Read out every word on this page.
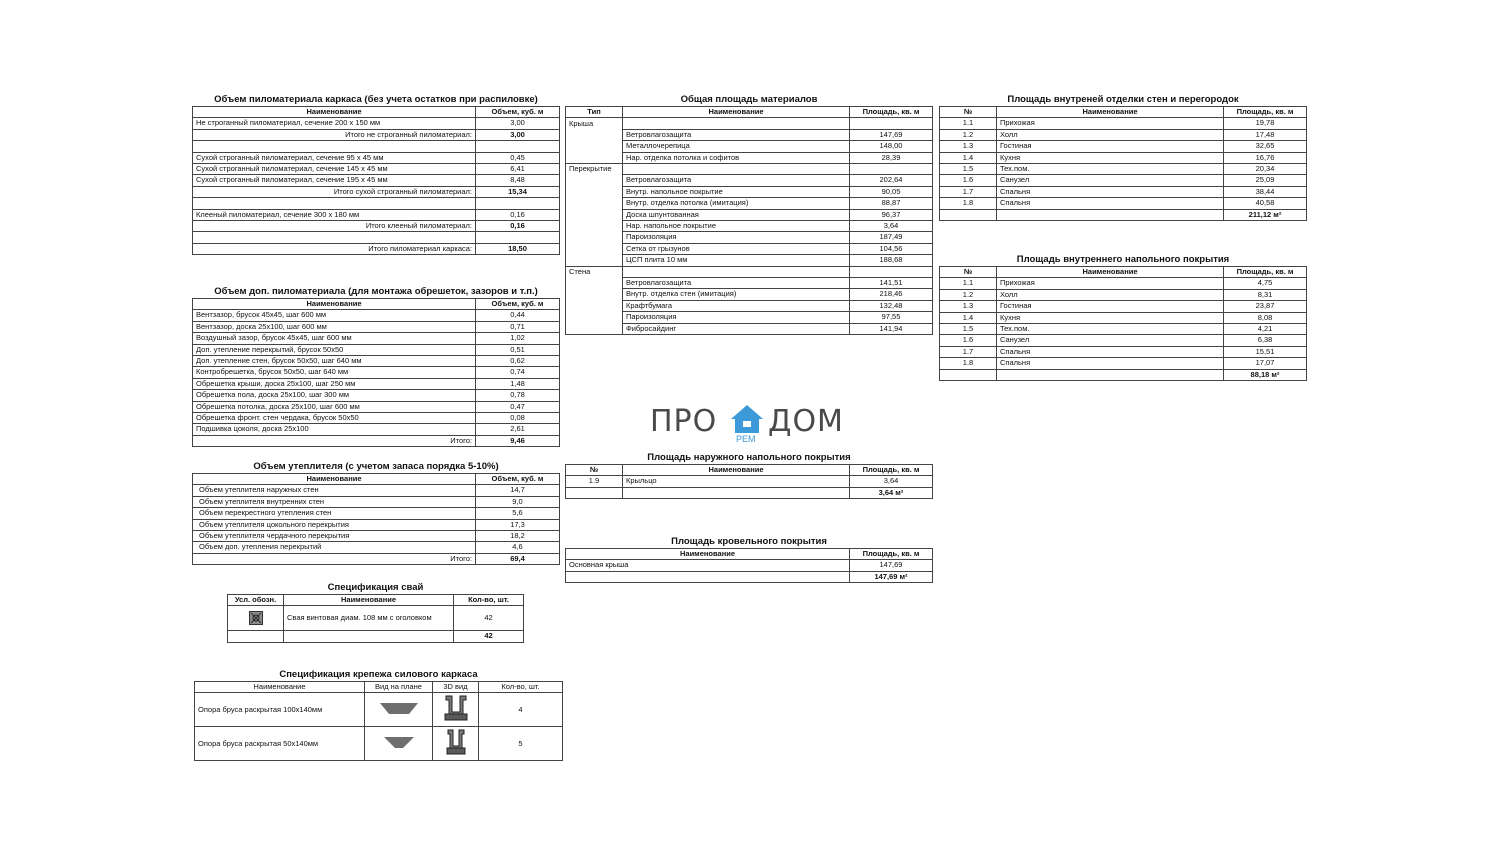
Объем пиломатериала каркаса (без учета остатков при распиловке)
Наименование	Объем, куб. м
Не строганный пиломатериал, сечение 200 х 150 мм	3,00
Итого не строганный пиломатериал:	3,00

Сухой строганный пиломатериал, сечение 95 х 45 мм	0,45
Сухой строганный пиломатериал, сечение 145 х 45 мм	6,41
Сухой строганный пиломатериал, сечение 195 х 45 мм	8,48
Итого сухой строганный пиломатериал:	15,34

Клееный пиломатериал, сечение 300 х 180 мм	0,16
Итого клееный пиломатериал:	0,16

Итого пиломатериал каркаса:	18,50
Объем доп. пиломатериала (для монтажа обрешеток, зазоров и т.п.)
Наименование	Объем, куб. м
Вентзазор, брусок 45х45, шаг 600 мм	0,44
Вентзазор, доска 25х100, шаг 600 мм	0,71
Воздушный зазор, брусок 45х45, шаг 600 мм	1,02
Доп. утепление перекрытий, брусок 50х50	0,51
Доп. утепление стен, брусок 50х50, шаг 640 мм	0,62
Контробрешетка, брусок 50х50, шаг 640 мм	0,74
Обрешетка крыши, доска 25х100, шаг 250 мм	1,48
Обрешетка пола, доска 25х100, шаг 300 мм	0,78
Обрешетка потолка, доска 25х100, шаг 600 мм	0,47
Обрешетка фронт. стен чердака, брусок 50х50	0,08
Подшивка цоколя, доска 25х100	2,61
Итого:	9,46
Объем утеплителя (с учетом запаса порядка 5-10%)
Наименование	Объем, куб. м
Объем утеплителя наружных стен	14,7
Объем утеплителя внутренних стен	9,0
Объем перекрестного утепления стен	5,6
Объем утеплителя цокольного перекрытия	17,3
Объем утеплителя чердачного перекрытия	18,2
Объем доп. утепления перекрытий	4,6
Итого:	69,4
Спецификация свай
Усл. обозн.	Наименование	Кол-во, шт.
	Свая винтовая диам. 108 мм с оголовком	42
		42
Спецификация крепежа силового каркаса
Наименование	Вид на плане	3D вид	Кол-во, шт.
Опора бруса раскрытая 100х140мм			4
Опора бруса раскрытая 50х140мм			5
Общая площадь материалов
Тип	Наименование	Площадь, кв. м
Крыша		
	Ветровлагозащита	147,69
	Металлочерепица	148,00
	Нар. отделка потолка и софитов	28,39
Перекрытие		
	Ветровлагозащита	202,64
	Внутр. напольное покрытие	90,05
	Внутр. отделка потолка (имитация)	88,87
	Доска шпунтованная	96,37
	Нар. напольное покрытие	3,64
	Пароизоляция	187,49
	Сетка от грызунов	104,56
	ЦСП плита 10 мм	188,68
Стена		
	Ветровлагозащита	141,51
	Внутр. отделка стен (имитация)	218,46
	Крафтбумага	132,48
	Пароизоляция	97,55
	Фибросайдинг	141,94
ПРО РЕМ ДОМ
Площадь наружного напольного покрытия
№	Наименование	Площадь, кв. м
1.9	Крыльцо	3,64
		3,64 м²
Площадь кровельного покрытия
Наименование	Площадь, кв. м
Основная крыша	147,69
	147,69 м²
Площадь внутреней отделки стен и перегородок
№	Наименование	Площадь, кв. м
1.1	Прихожая	19,78
1.2	Холл	17,48
1.3	Гостиная	32,65
1.4	Кухня	16,76
1.5	Тех.пом.	20,34
1.6	Санузел	25,09
1.7	Спальня	38,44
1.8	Спальня	40,58
		211,12 м²
Площадь внутреннего напольного покрытия
№	Наименование	Площадь, кв. м
1.1	Прихожая	4,75
1.2	Холл	8,31
1.3	Гостиная	23,87
1.4	Кухня	8,08
1.5	Тех.пом.	4,21
1.6	Санузел	6,38
1.7	Спальня	15,51
1.8	Спальня	17,07
		88,18 м²
